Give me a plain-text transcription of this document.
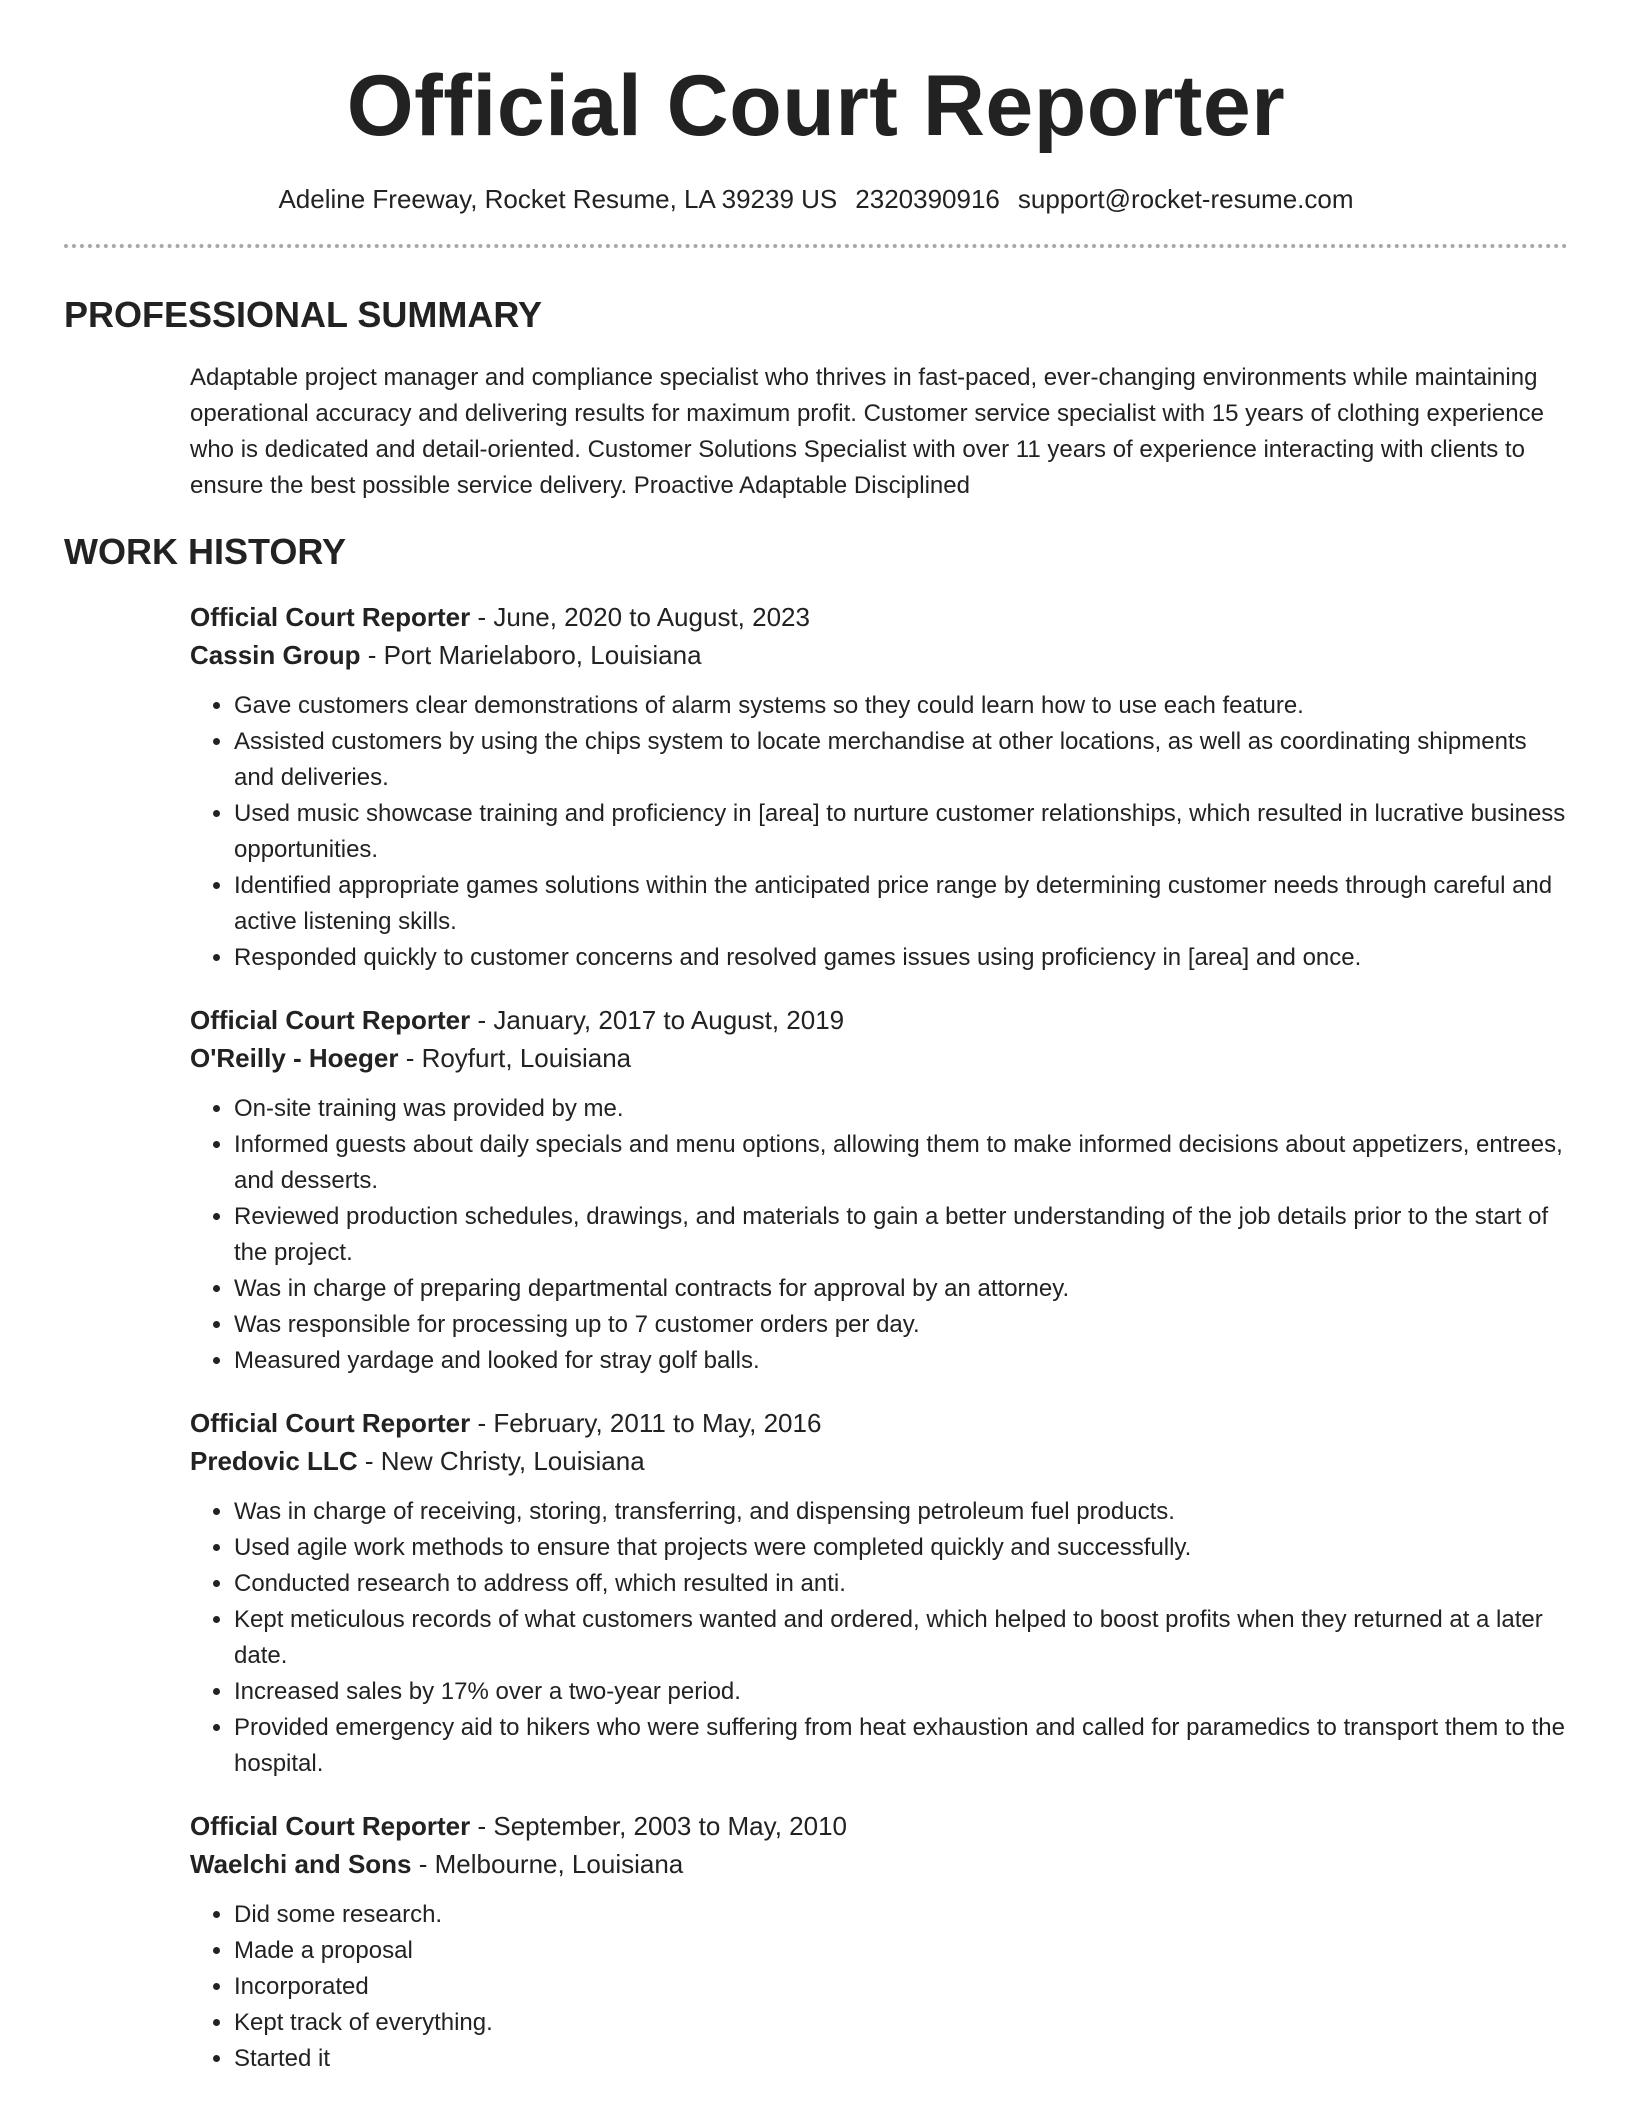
Official Court Reporter
Adeline Freeway, Rocket Resume, LA 39239 US 2320390916 support@rocket-resume.com
PROFESSIONAL SUMMARY

Adaptable project manager and compliance specialist who thrives in fast-paced, ever-changing environments while maintaining operational accuracy and delivering results for maximum profit. Customer service specialist with 15 years of clothing experience who is dedicated and detail-oriented. Customer Solutions Specialist with over 11 years of experience interacting with clients to ensure the best possible service delivery. Proactive Adaptable Disciplined

WORK HISTORY
Official Court Reporter - June, 2020 to August, 2023
Cassin Group - Port Marielaboro, Louisiana
• Gave customers clear demonstrations of alarm systems so they could learn how to use each feature.
• Assisted customers by using the chips system to locate merchandise at other locations, as well as coordinating shipments and deliveries.
• Used music showcase training and proficiency in [area] to nurture customer relationships, which resulted in lucrative business opportunities.
• Identified appropriate games solutions within the anticipated price range by determining customer needs through careful and active listening skills.
• Responded quickly to customer concerns and resolved games issues using proficiency in [area] and once.
Official Court Reporter - January, 2017 to August, 2019
O'Reilly - Hoeger - Royfurt, Louisiana
• On-site training was provided by me.
• Informed guests about daily specials and menu options, allowing them to make informed decisions about appetizers, entrees, and desserts.
• Reviewed production schedules, drawings, and materials to gain a better understanding of the job details prior to the start of the project.
• Was in charge of preparing departmental contracts for approval by an attorney.
• Was responsible for processing up to 7 customer orders per day.
• Measured yardage and looked for stray golf balls.
Official Court Reporter - February, 2011 to May, 2016
Predovic LLC - New Christy, Louisiana
• Was in charge of receiving, storing, transferring, and dispensing petroleum fuel products.
• Used agile work methods to ensure that projects were completed quickly and successfully.
• Conducted research to address off, which resulted in anti.
• Kept meticulous records of what customers wanted and ordered, which helped to boost profits when they returned at a later date.
• Increased sales by 17% over a two-year period.
• Provided emergency aid to hikers who were suffering from heat exhaustion and called for paramedics to transport them to the hospital.
Official Court Reporter - September, 2003 to May, 2010
Waelchi and Sons - Melbourne, Louisiana
• Did some research.
• Made a proposal
• Incorporated
• Kept track of everything.
• Started it
